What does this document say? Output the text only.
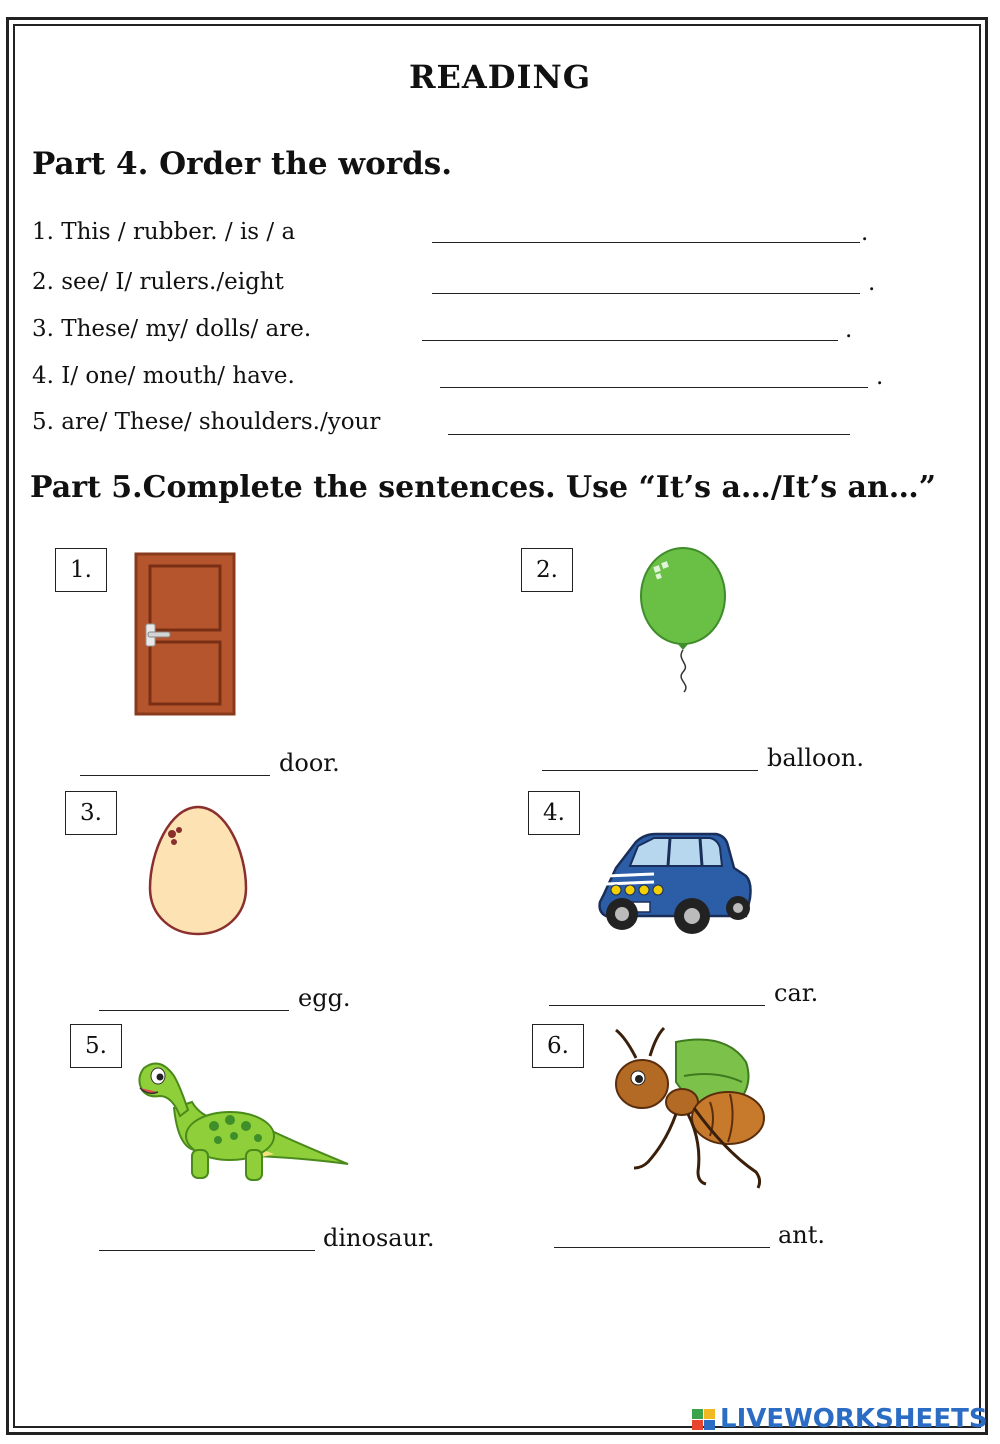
READING
Part 4. Order the words.
1. This / rubber. / is / a	.
2. see/ I/ rulers./eight	.
3. These/ my/ dolls/ are.	.
4. I/ one/ mouth/ have.	.
5. are/ These/ shoulders./your
Part 5.Complete the sentences. Use “It’s a…/It’s an…”
1.
door.
2.
balloon.
3.
egg.
4.
car.
5.
dinosaur.
6.
ant.
LIVEWORKSHEETS
